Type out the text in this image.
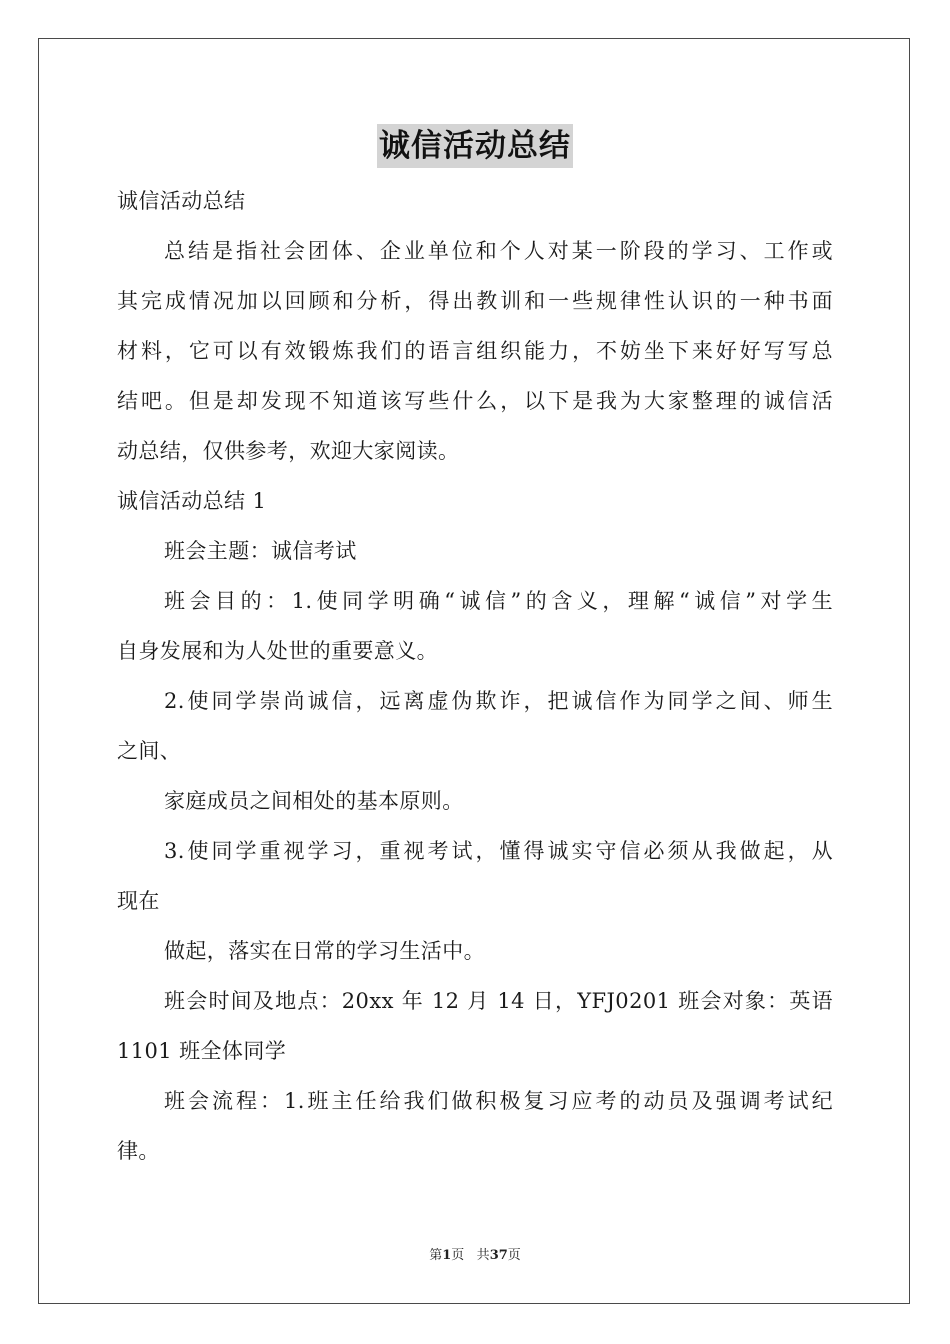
诚信活动总结
诚信活动总结
总结是指社会团体、企业单位和个人对某一阶段的学习、工作或
其完成情况加以回顾和分析，得出教训和一些规律性认识的一种书面
材料，它可以有效锻炼我们的语言组织能力，不妨坐下来好好写写总
结吧。但是却发现不知道该写些什么，以下是我为大家整理的诚信活
动总结，仅供参考，欢迎大家阅读。
诚信活动总结 1
班会主题：诚信考试
班会目的：1.使同学明确“诚信”的含义，理解“诚信”对学生
自身发展和为人处世的重要意义。
2.使同学崇尚诚信，远离虚伪欺诈，把诚信作为同学之间、师生
之间、
家庭成员之间相处的基本原则。
3.使同学重视学习，重视考试，懂得诚实守信必须从我做起，从
现在
做起，落实在日常的学习生活中。
班会时间及地点：20xx 年 12 月 14 日，YFJ0201 班会对象：英语
1101 班全体同学
班会流程：1.班主任给我们做积极复习应考的动员及强调考试纪
律。
第1页 共37页
